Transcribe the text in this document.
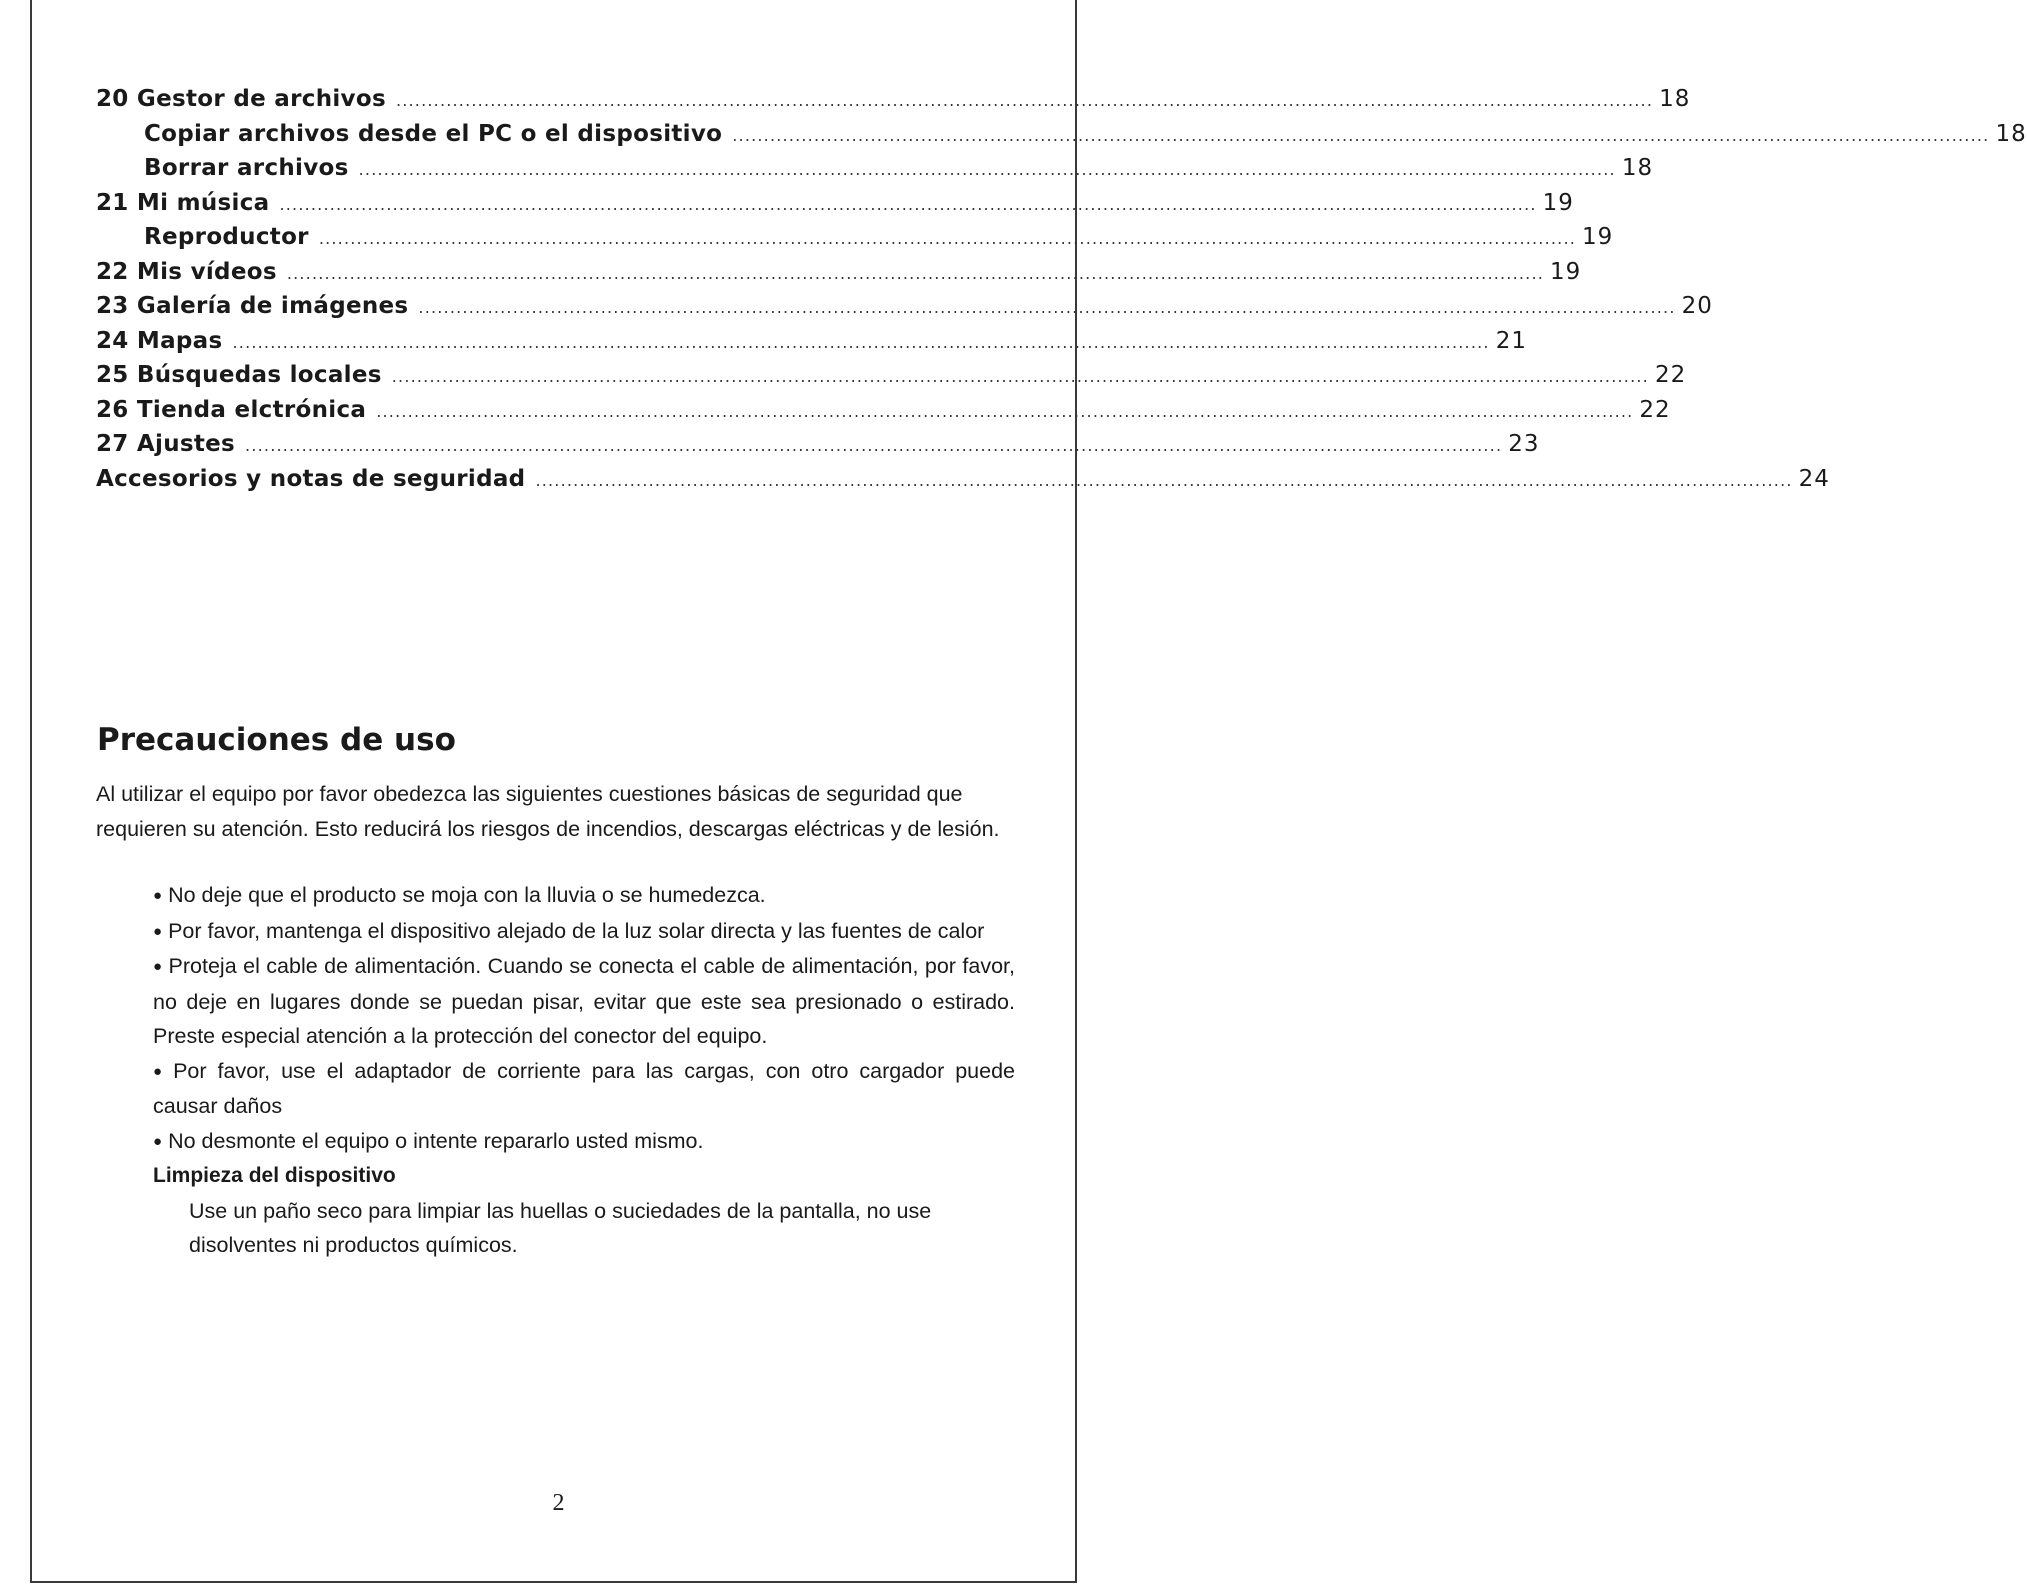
20 Gestor de archivos ........................................................................................................................................................................................................ 18
Copiar archivos desde el PC o el dispositivo ........................................................................................................................................................................................................ 18
Borrar archivos ........................................................................................................................................................................................................ 18
21 Mi música ........................................................................................................................................................................................................ 19
Reproductor ........................................................................................................................................................................................................ 19
22 Mis vídeos ........................................................................................................................................................................................................ 19
23 Galería de imágenes ........................................................................................................................................................................................................ 20
24 Mapas ........................................................................................................................................................................................................ 21
25 Búsquedas locales ........................................................................................................................................................................................................ 22
26 Tienda elctrónica ........................................................................................................................................................................................................ 22
27 Ajustes ........................................................................................................................................................................................................ 23
Accesorios y notas de seguridad ........................................................................................................................................................................................................ 24
Precauciones de uso

Al utilizar el equipo por favor obedezca las siguientes cuestiones básicas de seguridad que requieren su atención. Esto reducirá los riesgos de incendios, descargas eléctricas y de lesión.

● No deje que el producto se moja con la lluvia o se humedezca.

● Por favor, mantenga el dispositivo alejado de la luz solar directa y las fuentes de calor

● Proteja el cable de alimentación. Cuando se conecta el cable de alimentación, por favor, no deje en lugares donde se puedan pisar, evitar que este sea presionado o estirado. Preste especial atención a la protección del conector del equipo.

● Por favor, use el adaptador de corriente para las cargas, con otro cargador puede causar daños

● No desmonte el equipo o intente repararlo usted mismo.

Limpieza del dispositivo

Use un paño seco para limpiar las huellas o suciedades de la pantalla, no use disolventes ni productos químicos.

2
